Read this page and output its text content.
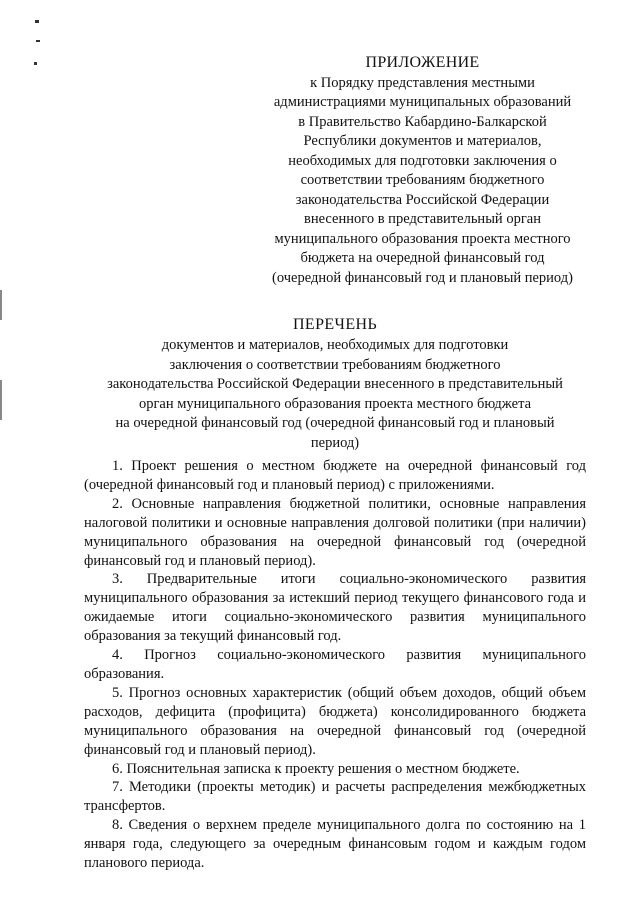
ПРИЛОЖЕНИЕ
к Порядку представления местными
администрациями муниципальных образований
в Правительство Кабардино-Балкарской
Республики документов и материалов,
необходимых для подготовки заключения о
соответствии требованиям бюджетного
законодательства Российской Федерации
внесенного в представительный орган
муниципального образования проекта местного
бюджета на очередной финансовый год
(очередной финансовый год и плановый период)
ПЕРЕЧЕНЬ
документов и материалов, необходимых для подготовки
заключения о соответствии требованиям бюджетного
законодательства Российской Федерации внесенного в представительный
орган муниципального образования проекта местного бюджета
на очередной финансовый год (очередной финансовый год и плановый
период)

1. Проект решения о местном бюджете на очередной финансовый год (очередной финансовый год и плановый период) с приложениями.

2. Основные направления бюджетной политики, основные направления налоговой политики и основные направления долговой политики (при наличии) муниципального образования на очередной финансовый год (очередной финансовый год и плановый период).

3. Предварительные итоги социально-экономического развития муниципального образования за истекший период текущего финансового года и ожидаемые итоги социально-экономического развития муниципального образования за текущий финансовый год.

4. Прогноз социально-экономического развития муниципального образования.

5. Прогноз основных характеристик (общий объем доходов, общий объем расходов, дефицита (профицита) бюджета) консолидированного бюджета муниципального образования на очередной финансовый год (очередной финансовый год и плановый период).

6. Пояснительная записка к проекту решения о местном бюджете.

7. Методики (проекты методик) и расчеты распределения межбюджетных трансфертов.

8. Сведения о верхнем пределе муниципального долга по состоянию на 1 января года, следующего за очередным финансовым годом и каждым годом планового периода.
